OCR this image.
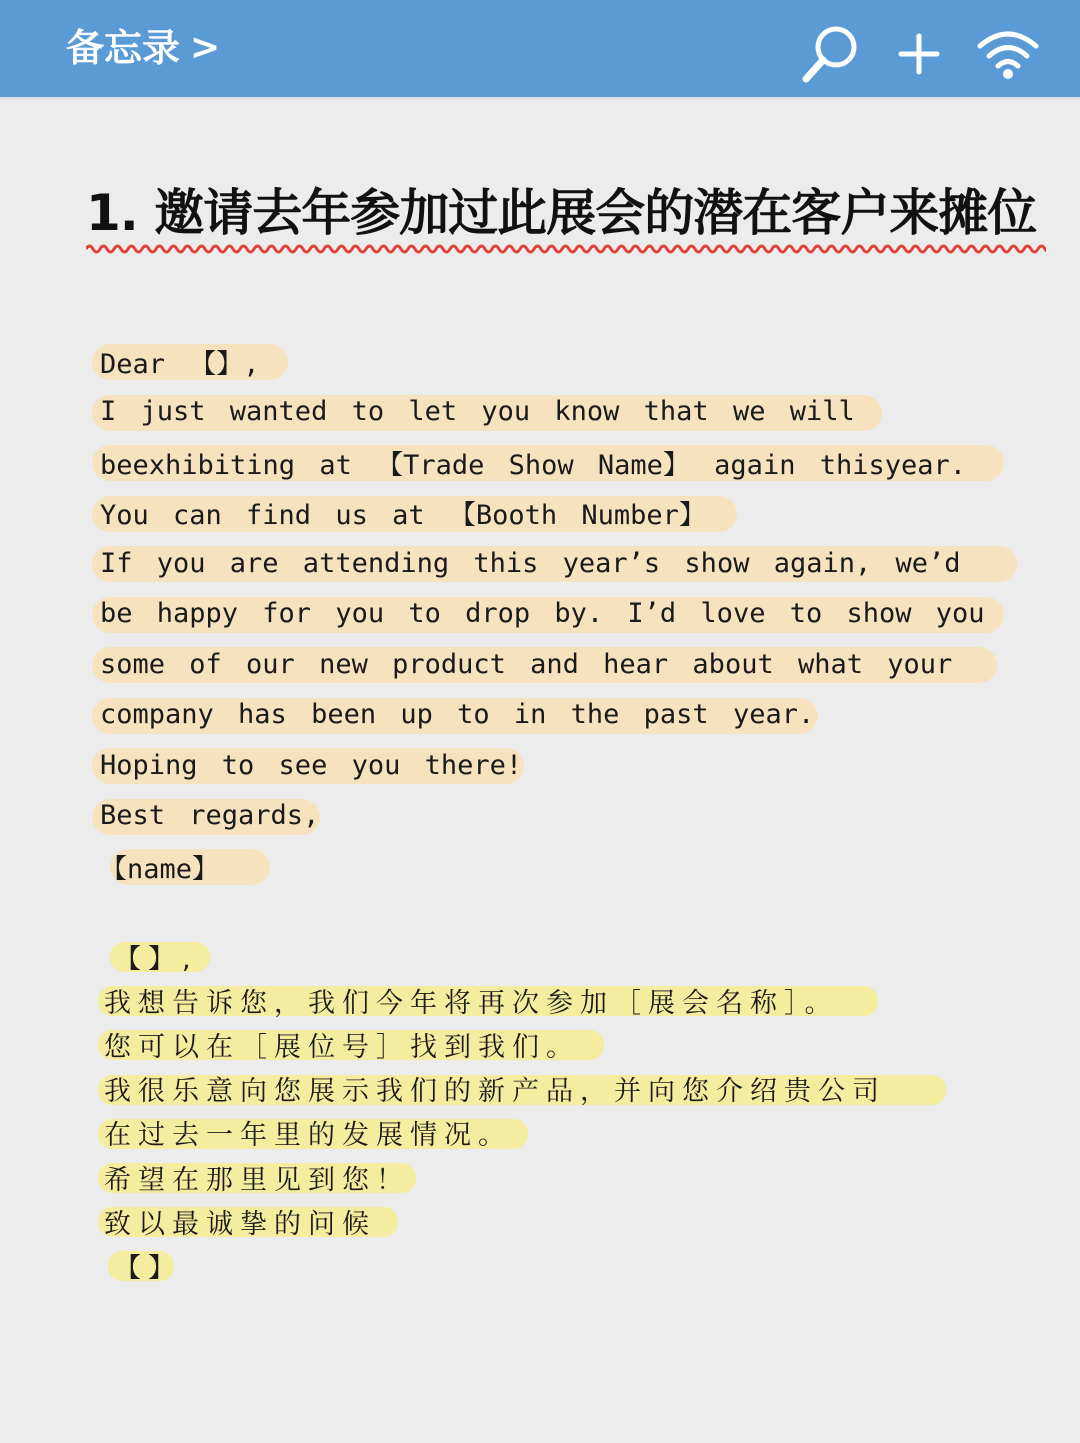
备忘录 >
1. 邀请去年参加过此展会的潜在客户来摊位
Dear 【】,
I just wanted to let you know that we will
beexhibiting at 【Trade Show Name】 again thisyear.
You can find us at 【Booth Number】
If you are attending this year’s show again, we’d
be happy for you to drop by. I’d love to show you
some of our new product and hear about what your
company has been up to in the past year.
Hoping to see you there!
Best regards,
【name】
【】,
我想告诉您，我们今年将再次参加［展会名称］。
您可以在［展位号］找到我们。
我很乐意向您展示我们的新产品，并向您介绍贵公司
在过去一年里的发展情况。
希望在那里见到您！
致以最诚挚的问候
【】
